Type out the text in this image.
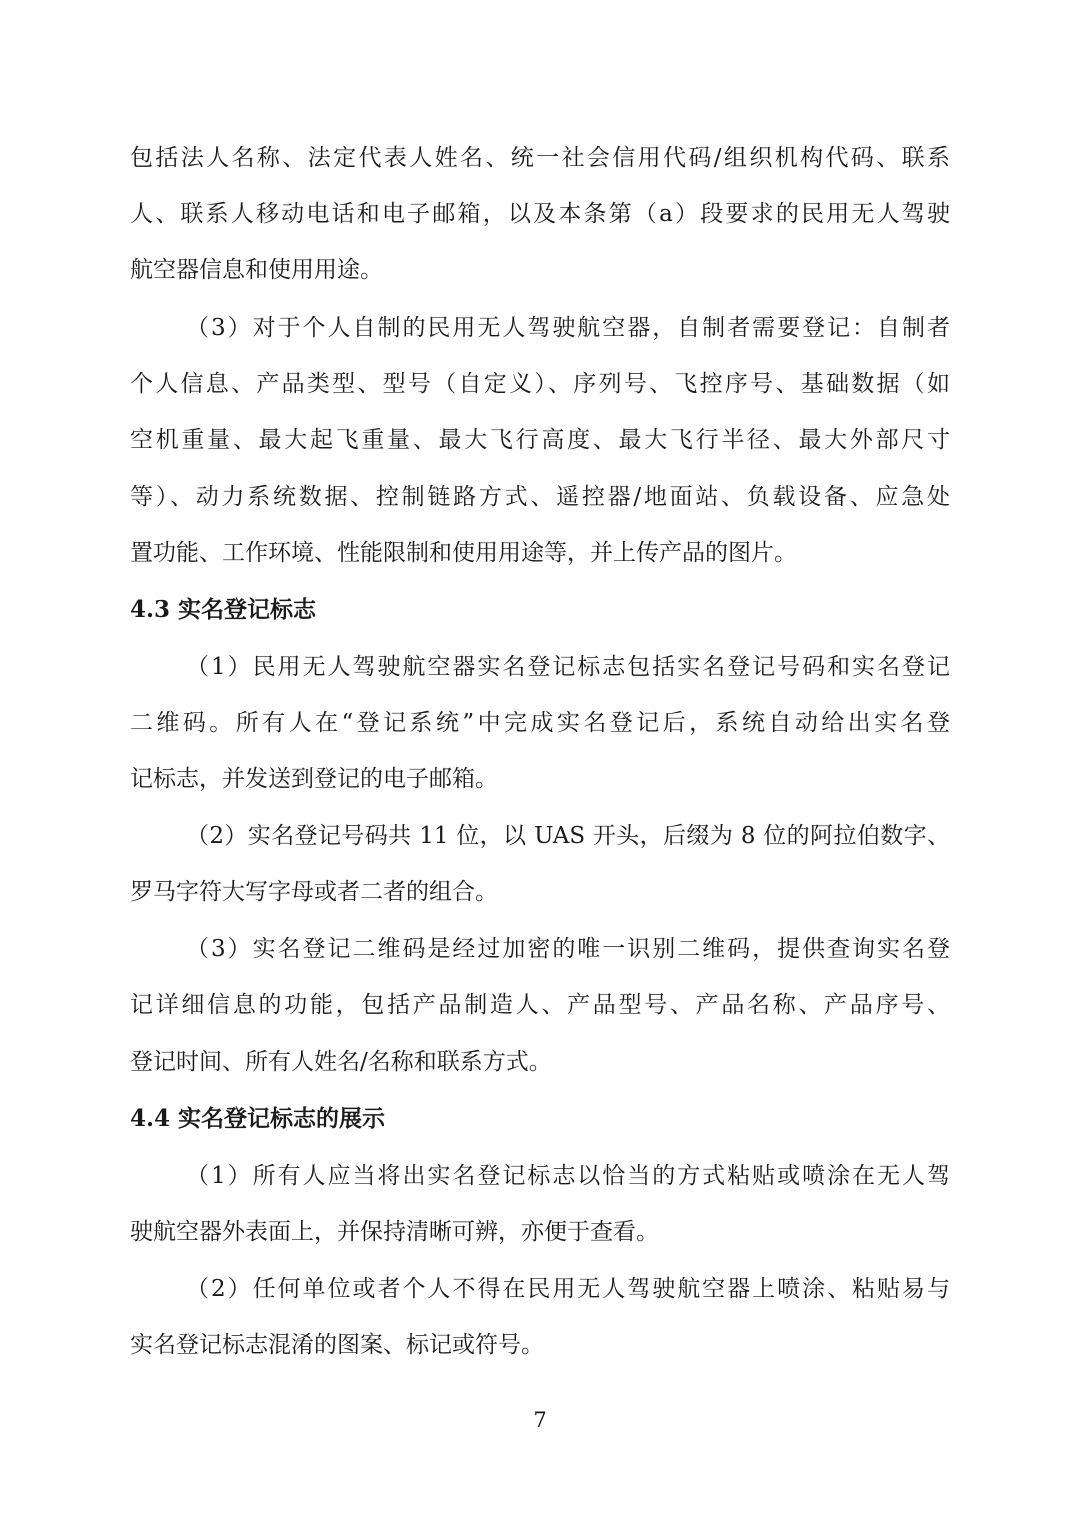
包括法人名称、法定代表人姓名、统一社会信用代码/组织机构代码、联系
人、联系人移动电话和电子邮箱，以及本条第（a）段要求的民用无人驾驶
航空器信息和使用用途。
（3）对于个人自制的民用无人驾驶航空器，自制者需要登记：自制者
个人信息、产品类型、型号（自定义）、序列号、飞控序号、基础数据（如
空机重量、最大起飞重量、最大飞行高度、最大飞行半径、最大外部尺寸
等）、动力系统数据、控制链路方式、遥控器/地面站、负载设备、应急处
置功能、工作环境、性能限制和使用用途等，并上传产品的图片。
4.3 实名登记标志
（1）民用无人驾驶航空器实名登记标志包括实名登记号码和实名登记
二维码。所有人在“登记系统”中完成实名登记后，系统自动给出实名登
记标志，并发送到登记的电子邮箱。
（2）实名登记号码共 11 位，以 UAS 开头，后缀为 8 位的阿拉伯数字、
罗马字符大写字母或者二者的组合。
（3）实名登记二维码是经过加密的唯一识别二维码，提供查询实名登
记详细信息的功能，包括产品制造人、产品型号、产品名称、产品序号、
登记时间、所有人姓名/名称和联系方式。
4.4 实名登记标志的展示
（1）所有人应当将出实名登记标志以恰当的方式粘贴或喷涂在无人驾
驶航空器外表面上，并保持清晰可辨，亦便于查看。
（2）任何单位或者个人不得在民用无人驾驶航空器上喷涂、粘贴易与
实名登记标志混淆的图案、标记或符号。
7
